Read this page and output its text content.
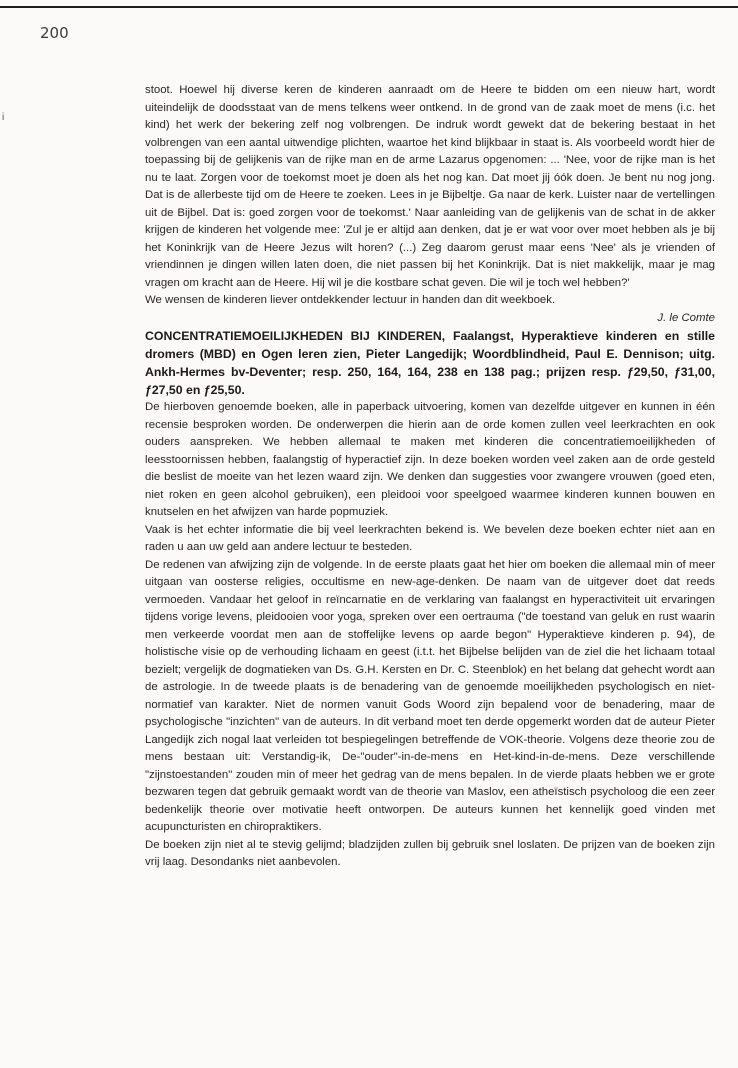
200
i

stoot. Hoewel hij diverse keren de kinderen aanraadt om de Heere te bidden om een nieuw hart, wordt uiteindelijk de doodsstaat van de mens telkens weer ontkend. In de grond van de zaak moet de mens (i.c. het kind) het werk der bekering zelf nog volbrengen. De indruk wordt gewekt dat de bekering bestaat in het volbrengen van een aantal uitwendige plichten, waartoe het kind blijkbaar in staat is. Als voorbeeld wordt hier de toepassing bij de gelijkenis van de rijke man en de arme Lazarus opgenomen: ... 'Nee, voor de rijke man is het nu te laat. Zorgen voor de toekomst moet je doen als het nog kan. Dat moet jij óók doen. Je bent nu nog jong. Dat is de allerbeste tijd om de Heere te zoeken. Lees in je Bijbeltje. Ga naar de kerk. Luister naar de vertellingen uit de Bijbel. Dat is: goed zorgen voor de toekomst.' Naar aanleiding van de gelijkenis van de schat in de akker krijgen de kinderen het volgende mee: 'Zul je er altijd aan denken, dat je er wat voor over moet hebben als je bij het Koninkrijk van de Heere Jezus wilt horen? (...) Zeg daarom gerust maar eens 'Nee' als je vrienden of vriendinnen je dingen willen laten doen, die niet passen bij het Koninkrijk. Dat is niet makkelijk, maar je mag vragen om kracht aan de Heere. Hij wil je die kostbare schat geven. Die wil je toch wel hebben?'

We wensen de kinderen liever ontdekkender lectuur in handen dan dit weekboek.

J. le Comte

CONCENTRATIEMOEILIJKHEDEN BIJ KINDEREN, Faalangst, Hyperaktieve kinderen en stille dromers (MBD) en Ogen leren zien, Pieter Langedijk; Woordblindheid, Paul E. Dennison; uitg. Ankh-Hermes bv-Deventer; resp. 250, 164, 164, 238 en 138 pag.; prijzen resp. ƒ29,50, ƒ31,00, ƒ27,50 en ƒ25,50.

De hierboven genoemde boeken, alle in paperback uitvoering, komen van dezelfde uitgever en kunnen in één recensie besproken worden. De onderwerpen die hierin aan de orde komen zullen veel leerkrachten en ook ouders aanspreken. We hebben allemaal te maken met kinderen die concentratiemoeilijkheden of leesstoornissen hebben, faalangstig of hyperactief zijn. In deze boeken worden veel zaken aan de orde gesteld die beslist de moeite van het lezen waard zijn. We denken dan suggesties voor zwangere vrouwen (goed eten, niet roken en geen alcohol gebruiken), een pleidooi voor speelgoed waarmee kinderen kunnen bouwen en knutselen en het afwijzen van harde popmuziek.

Vaak is het echter informatie die bij veel leerkrachten bekend is. We bevelen deze boeken echter niet aan en raden u aan uw geld aan andere lectuur te besteden.

De redenen van afwijzing zijn de volgende. In de eerste plaats gaat het hier om boeken die allemaal min of meer uitgaan van oosterse religies, occultisme en new-age-denken. De naam van de uitgever doet dat reeds vermoeden. Vandaar het geloof in reïncarnatie en de verklaring van faalangst en hyperactiviteit uit ervaringen tijdens vorige levens, pleidooien voor yoga, spreken over een oertrauma ("de toestand van geluk en rust waarin men verkeerde voordat men aan de stoffelijke levens op aarde begon" Hyperaktieve kinderen p. 94), de holistische visie op de verhouding lichaam en geest (i.t.t. het Bijbelse belijden van de ziel die het lichaam totaal bezielt; vergelijk de dogmatieken van Ds. G.H. Kersten en Dr. C. Steenblok) en het belang dat gehecht wordt aan de astrologie. In de tweede plaats is de benadering van de genoemde moeilijkheden psychologisch en niet-normatief van karakter. Niet de normen vanuit Gods Woord zijn bepalend voor de benadering, maar de psychologische "inzichten" van de auteurs. In dit verband moet ten derde opgemerkt worden dat de auteur Pieter Langedijk zich nogal laat verleiden tot bespiegelingen betreffende de VOK-theorie. Volgens deze theorie zou de mens bestaan uit: Verstandig-ik, De-"ouder"-in-de-mens en Het-kind-in-de-mens. Deze verschillende "zijnstoestanden" zouden min of meer het gedrag van de mens bepalen. In de vierde plaats hebben we er grote bezwaren tegen dat gebruik gemaakt wordt van de theorie van Maslov, een atheïstisch psycholoog die een zeer bedenkelijk theorie over motivatie heeft ontworpen. De auteurs kunnen het kennelijk goed vinden met acupuncturisten en chiropraktikers.

De boeken zijn niet al te stevig gelijmd; bladzijden zullen bij gebruik snel loslaten. De prijzen van de boeken zijn vrij laag. Desondanks niet aanbevolen.
